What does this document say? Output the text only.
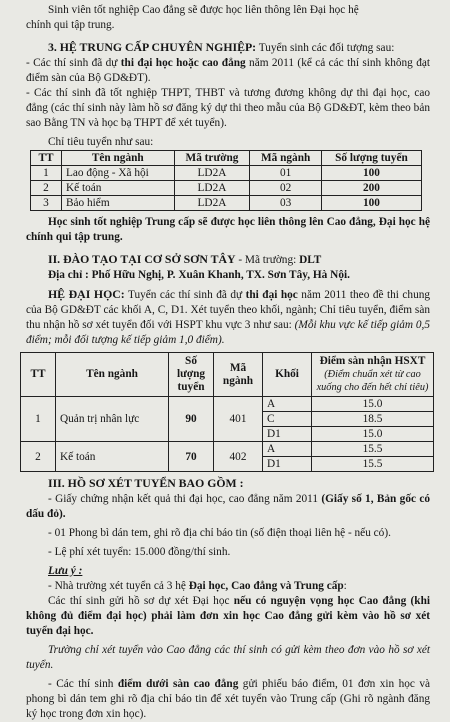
Sinh viên tốt nghiệp Cao đẳng sẽ được học liên thông lên Đại học hệ
chính qui tập trung.

3. HỆ TRUNG CẤP CHUYÊN NGHIỆP: Tuyển sinh các đối tượng sau:

- Các thí sinh đã dự thi đại học hoặc cao đẳng năm 2011 (kể cả các thí sinh không đạt điểm sàn của Bộ GD&ĐT).

- Các thí sinh đã tốt nghiệp THPT, THBT và tương đương không dự thi đại học, cao đẳng (các thí sinh này làm hồ sơ đăng ký dự thi theo mẫu của Bộ GD&ĐT, kèm theo bản sao Bằng TN và học bạ THPT để xét tuyển).

Chỉ tiêu tuyển như sau:

TT	Tên ngành	Mã trường	Mã ngành	Số lượng tuyển
1	Lao động - Xã hội	LD2A	01	100
2	Kế toán	LD2A	02	200
3	Bảo hiểm	LD2A	03	100

Học sinh tốt nghiệp Trung cấp sẽ được học liên thông lên Cao đẳng, Đại học hệ chính qui tập trung.

II. ĐÀO TẠO TẠI CƠ SỞ SƠN TÂY - Mã trường: DLT

Địa chỉ : Phố Hữu Nghị, P. Xuân Khanh, TX. Sơn Tây, Hà Nội.

HỆ ĐẠI HỌC: Tuyển các thí sinh đã dự thi đại học năm 2011 theo đề thi chung của Bộ GD&ĐT các khối A, C, D1. Xét tuyển theo khối, ngành; Chỉ tiêu tuyển, điểm sàn thu nhận hồ sơ xét tuyển đối với HSPT khu vực 3 như sau: (Mỗi khu vực kế tiếp giảm 0,5 điểm; mỗi đối tượng kế tiếp giảm 1,0 điểm).

TT	Tên ngành	Số lượng tuyển	Mã ngành	Khối	Điểm sàn nhận HSXT
(Điểm chuẩn xét từ cao xuống cho đến hết chỉ tiêu)
1	Quản trị nhân lực	90	401	A	15.0
				C	18.5
				D1	15.0
2	Kế toán	70	402	A	15.5
				D1	15.5

III. HỒ SƠ XÉT TUYỂN BAO GỒM :

- Giấy chứng nhận kết quả thi đại học, cao đẳng năm 2011 (Giấy số 1, Bản gốc có dấu đỏ).

- 01 Phong bì dán tem, ghi rõ địa chỉ báo tin (số điện thoại liên hệ - nếu có).

- Lệ phí xét tuyển: 15.000 đồng/thí sinh.

Lưu ý :

- Nhà trường xét tuyển cả 3 hệ Đại học, Cao đẳng và Trung cấp:

Các thí sinh gửi hồ sơ dự xét Đại học nếu có nguyện vọng học Cao đẳng (khi không đủ điểm đại học) phải làm đơn xin học Cao đẳng gửi kèm vào hồ sơ xét tuyển đại học.

Trường chỉ xét tuyển vào Cao đẳng các thí sinh có gửi kèm theo đơn vào hồ sơ xét tuyển.

- Các thí sinh điểm dưới sàn cao đẳng gửi phiếu báo điểm, 01 đơn xin học và phong bì dán tem ghi rõ địa chỉ báo tin để xét tuyển vào Trung cấp (Ghi rõ ngành đăng ký học trong đơn xin học).
